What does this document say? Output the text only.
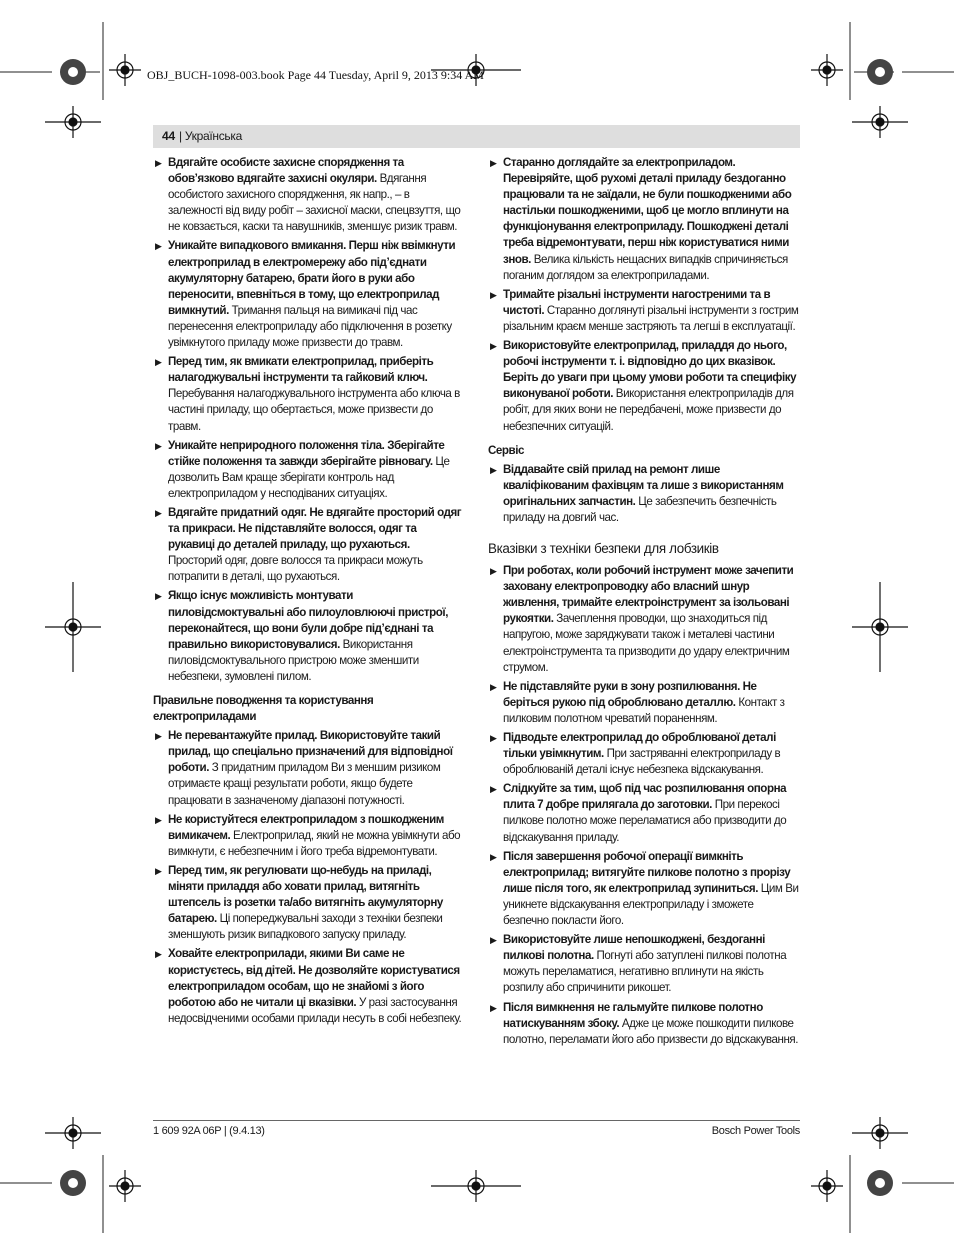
OBJ_BUCH-1098-003.book Page 44 Tuesday, April 9, 2013 9:34 AM
44
| Українська
▶ Вдягайте особисте захисне спорядження та обов’язково вдягайте захисні окуляри. Вдягання особистого захисного спорядження, як напр., – в залежності від виду робіт – захисної маски, спецвзуття, що не ковзається, каски та навушників, зменшує ризик травм.
▶ Уникайте випадкового вмикання. Перш ніж ввімкнути електроприлад в електромережу або під’єднати акумуляторну батарею, брати його в руки або переносити, впевніться в тому, що електроприлад вимкнутий. Тримання пальця на вимикачі під час перенесення електроприладу або підключення в розетку увімкнутого приладу може призвести до травм.
▶ Перед тим, як вмикати електроприлад, приберіть налагоджувальні інструменти та гайковий ключ. Перебування налагоджувального інструмента або ключа в частині приладу, що обертається, може призвести до травм.
▶ Уникайте неприродного положення тіла. Зберігайте стійке положення та завжди зберігайте рівновагу. Це дозволить Вам краще зберігати контроль над електроприладом у несподіваних ситуаціях.
▶ Вдягайте придатний одяг. Не вдягайте просторий одяг та прикраси. Не підставляйте волосся, одяг та рукавиці до деталей приладу, що рухаються. Просторий одяг, довге волосся та прикраси можуть потрапити в деталі, що рухаються.
▶ Якщо існує можливість монтувати пиловідсмоктувальні або пилоуловлюючі пристрої, переконайтеся, що вони були добре під’єднані та правильно використовувалися. Використання пиловідсмоктувального пристрою може зменшити небезпеки, зумовлені пилом.
Правильне поводження та користування електроприладами
▶ Не перевантажуйте прилад. Використовуйте такий прилад, що спеціально призначений для відповідної роботи. З придатним приладом Ви з меншим ризиком отримаєте кращі результати роботи, якщо будете працювати в зазначеному діапазоні потужності.
▶ Не користуйтеся електроприладом з пошкодженим вимикачем. Електроприлад, який не можна увімкнути або вимкнути, є небезпечним і його треба відремонтувати.
▶ Перед тим, як регулювати що-небудь на приладі, міняти приладдя або ховати прилад, витягніть штепсель із розетки та/або витягніть акумуляторну батарею. Ці попереджувальні заходи з техніки безпеки зменшують ризик випадкового запуску приладу.
▶ Ховайте електроприлади, якими Ви саме не користуєтесь, від дітей. Не дозволяйте користуватися електроприладом особам, що не знайомі з його роботою або не читали ці вказівки. У разі застосування недосвідченими особами прилади несуть в собі небезпеку.
▶ Старанно доглядайте за електроприладом. Перевіряйте, щоб рухомі деталі приладу бездоганно працювали та не заїдали, не були пошкодженими або настільки пошкодженими, щоб це могло вплинути на функціонування електроприладу. Пошкоджені деталі треба відремонтувати, перш ніж користуватися ними знов. Велика кількість нещасних випадків спричиняється поганим доглядом за електроприладами.
▶ Тримайте різальні інструменти нагостреними та в чистоті. Старанно доглянуті різальні інструменти з гострим різальним краєм менше застряють та легші в експлуатації.
▶ Використовуйте електроприлад, приладдя до нього, робочі інструменти т. і. відповідно до цих вказівок. Беріть до уваги при цьому умови роботи та специфіку виконуваної роботи. Використання електроприладів для робіт, для яких вони не передбачені, може призвести до небезпечних ситуацій.
Сервіс
▶ Віддавайте свій прилад на ремонт лише кваліфікованим фахівцям та лише з використанням оригінальних запчастин. Це забезпечить безпечність приладу на довгий час.
Вказівки з техніки безпеки для лобзиків
▶ При роботах, коли робочий інструмент може зачепити заховану електропроводку або власний шнур живлення, тримайте електроінструмент за ізольовані рукоятки. Зачеплення проводки, що знаходиться під напругою, може заряджувати також і металеві частини електроінструмента та призводити до удару електричним струмом.
▶ Не підставляйте руки в зону розпилювання. Не беріться рукою під оброблювано деталлю. Контакт з пилковим полотном чреватий пораненням.
▶ Підводьте електроприлад до оброблюваної деталі тільки увімкнутим. При застряванні електроприладу в оброблюваній деталі існує небезпека відскакування.
▶ Слідкуйте за тим, щоб під час розпилювання опорна плита 7 добре прилягала до заготовки. При перекосі пилкове полотно може переламатися або призводити до відскакування приладу.
▶ Після завершення робочої операції вимкніть електроприлад; витягуйте пилкове полотно з прорізу лише після того, як електроприлад зупиниться. Цим Ви уникнете відскакування електроприладу і зможете безпечно покласти його.
▶ Використовуйте лише непошкоджені, бездоганні пилкові полотна. Погнуті або затуплені пилкові полотна можуть переламатися, негативно вплинути на якість розпилу або спричинити рикошет.
▶ Після вимкнення не гальмуйте пилкове полотно натискуванням збоку. Адже це може пошкодити пилкове полотно, переламати його або призвести до відскакування.
1 609 92A 06P | (9.4.13)	Bosch Power Tools
